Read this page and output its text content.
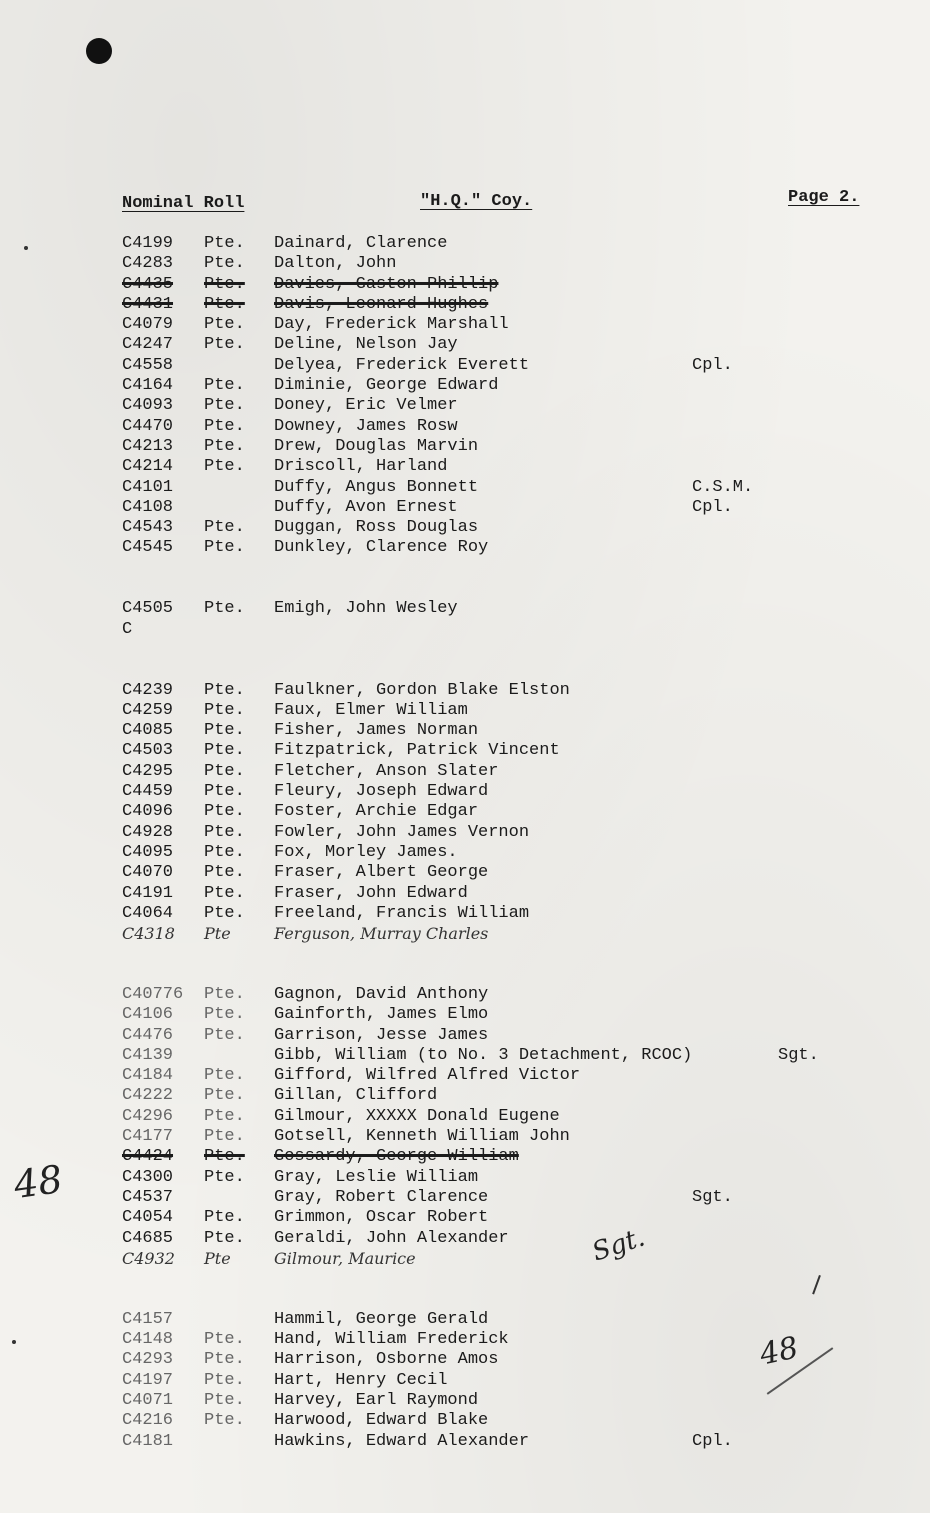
Nominal Roll	"H.Q." Coy.	Page 2.
C4199 Pte. Dainard, Clarence
C4283 Pte. Dalton, John
C4435 Pte. Davies, Gaston Phillip
C4431 Pte. Davis, Leonard Hughes
C4079 Pte. Day, Frederick Marshall
C4247 Pte. Deline, Nelson Jay
C4558	Delyea, Frederick Everett	Cpl.
C4164 Pte. Diminie, George Edward
C4093 Pte. Doney, Eric Velmer
C4470 Pte. Downey, James Rosw
C4213 Pte. Drew, Douglas Marvin
C4214 Pte. Driscoll, Harland
C4101	Duffy, Angus Bonnett	C.S.M.
C4108	Duffy, Avon Ernest	Cpl.
C4543 Pte. Duggan, Ross Douglas
C4545 Pte. Dunkley, Clarence Roy
C4505 Pte. Emigh, John Wesley
C
C4239 Pte. Faulkner, Gordon Blake Elston
C4259 Pte. Faux, Elmer William
C4085 Pte. Fisher, James Norman
C4503 Pte. Fitzpatrick, Patrick Vincent
C4295 Pte. Fletcher, Anson Slater
C4459 Pte. Fleury, Joseph Edward
C4096 Pte. Foster, Archie Edgar
C4928 Pte. Fowler, John James Vernon
C4095 Pte. Fox, Morley James.
C4070 Pte. Fraser, Albert George
C4191 Pte. Fraser, John Edward
C4064 Pte. Freeland, Francis William
C4318 Pte	Ferguson, Murray Charles
C40776 Pte. Gagnon, David Anthony
C4106 Pte. Gainforth, James Elmo
C4476 Pte. Garrison, Jesse James
C4139	Gibb, William (to No. 3 Detachment, RCOC)	Sgt.
C4184 Pte. Gifford, Wilfred Alfred Victor
C4222 Pte. Gillan, Clifford
C4296 Pte. Gilmour, XXXXX Donald Eugene
C4177 Pte. Gotsell, Kenneth William John
C4424 Pte. Gossardy, George William
C4300 Pte. Gray, Leslie William
C4537	Gray, Robert Clarence	Sgt.
C4054 Pte. Grimmon, Oscar Robert
C4685 Pte. Geraldi, John Alexander
C4932 Pte	Gilmour, Maurice
C4157	Hammil, George Gerald
C4148 Pte. Hand, William Frederick
C4293 Pte. Harrison, Osborne Amos
C4197 Pte. Hart, Henry Cecil
C4071 Pte. Harvey, Earl Raymond
C4216 Pte. Harwood, Edward Blake
C4181	Hawkins, Edward Alexander	Cpl.
48
Sgt.
48
